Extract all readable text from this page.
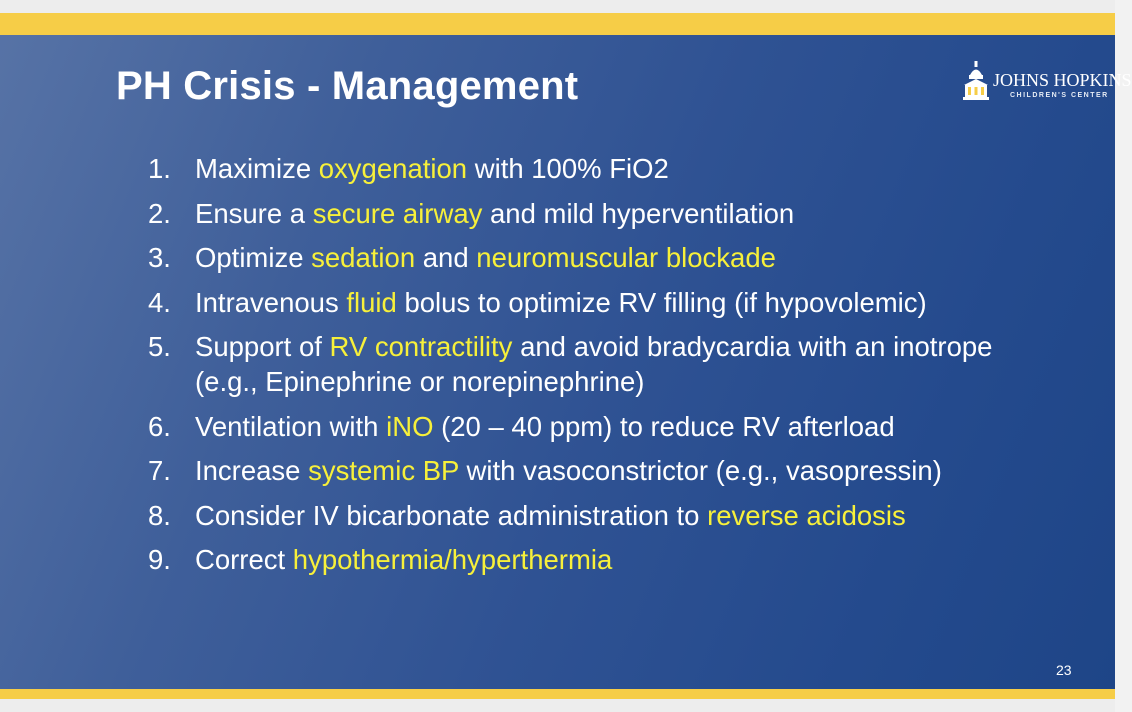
PH Crisis - Management	JOHNS HOPKINS
CHILDREN'S CENTER
1. Maximize oxygenation with 100% FiO2
2. Ensure a secure airway and mild hyperventilation
3. Optimize sedation and neuromuscular blockade
4. Intravenous fluid bolus to optimize RV filling (if hypovolemic)
5. Support of RV contractility and avoid bradycardia with an inotrope (e.g., Epinephrine or norepinephrine)
6. Ventilation with iNO (20 – 40 ppm) to reduce RV afterload
7. Increase systemic BP with vasoconstrictor (e.g., vasopressin)
8. Consider IV bicarbonate administration to reverse acidosis
9. Correct hypothermia/hyperthermia
23
